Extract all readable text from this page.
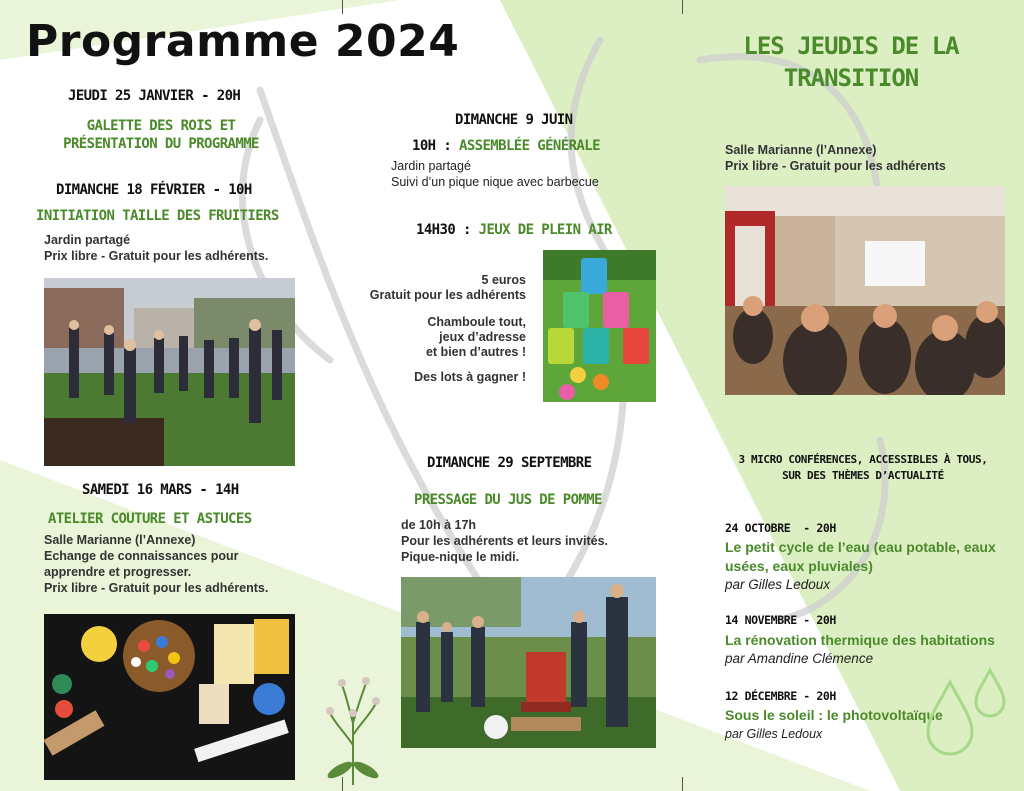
Programme 2024
JEUDI 25 JANVIER - 20H
GALETTE DES ROIS ET
PRÉSENTATION DU PROGRAMME
DIMANCHE 18 FÉVRIER - 10H
INITIATION TAILLE DES FRUITIERS
Jardin partagé
Prix libre - Gratuit pour les adhérents.
SAMEDI 16 MARS - 14H
ATELIER COUTURE ET ASTUCES
Salle Marianne (l’Annexe)
Echange de connaissances pour
apprendre et progresser.
Prix libre - Gratuit pour les adhérents.
DIMANCHE 9 JUIN
10H : ASSEMBLÉE GÉNÉRALE
Jardin partagé
Suivi d’un pique nique avec barbecue
14H30 : JEUX DE PLEIN AIR
5 euros
Gratuit pour les adhérents
Chamboule tout,
jeux d’adresse
et bien d’autres !
Des lots à gagner !
DIMANCHE 29 SEPTEMBRE
PRESSAGE DU JUS DE POMME
de 10h à 17h
Pour les adhérents et leurs invités.
Pique-nique le midi.
LES JEUDIS DE LA
TRANSITION
Salle Marianne (l’Annexe)
Prix libre - Gratuit pour les adhérents
3 MICRO CONFÉRENCES, ACCESSIBLES À TOUS,
SUR DES THÈMES D’ACTUALITÉ
24 OCTOBRE  - 20H
Le petit cycle de l’eau (eau potable, eaux
usées, eaux pluviales)
par Gilles Ledoux
14 NOVEMBRE - 20H
La rénovation thermique des habitations
par Amandine Clémence
12 DÉCEMBRE - 20H
Sous le soleil : le photovoltaïque
par Gilles Ledoux
